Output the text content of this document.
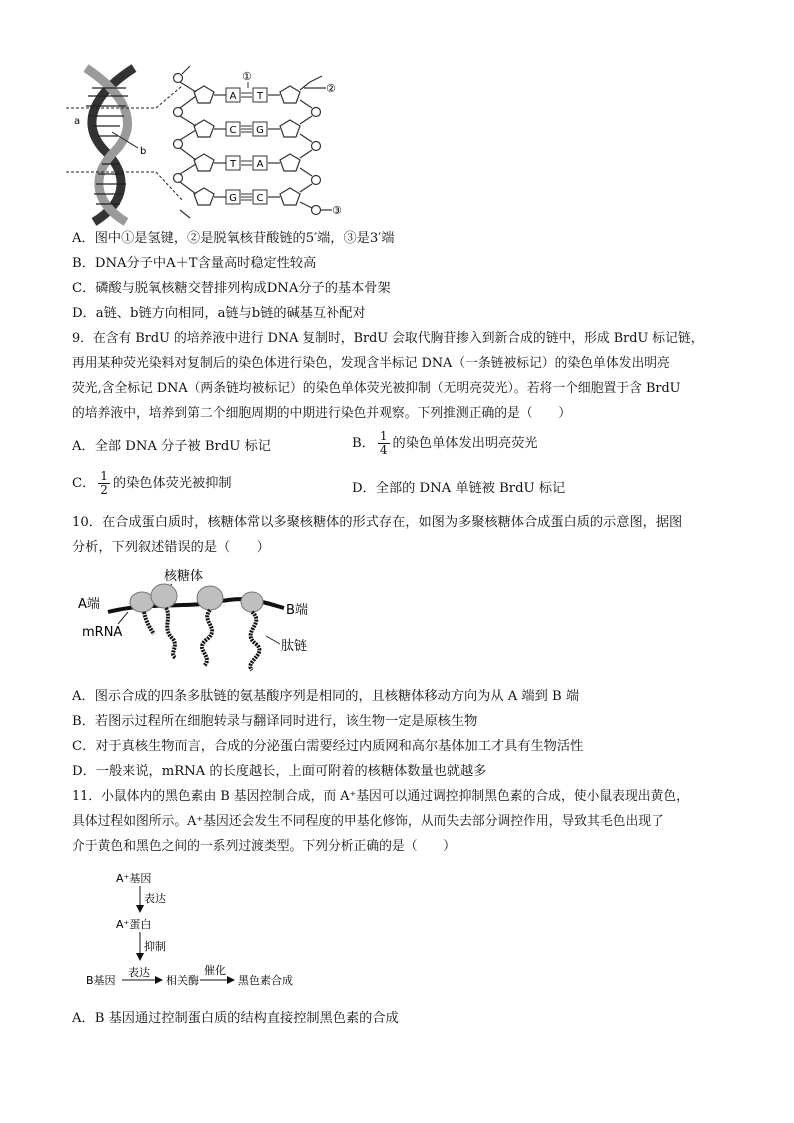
a
b
A T
C G
T A
G C
①
②
③
A．图中①是氢键，②是脱氧核苷酸链的5′端，③是3′端
B．DNA分子中A＋T含量高时稳定性较高
C．磷酸与脱氧核糖交替排列构成DNA分子的基本骨架
D．a链、b链方向相同，a链与b链的碱基互补配对
9．在含有 BrdU 的培养液中进行 DNA 复制时，BrdU 会取代胸苷掺入到新合成的链中，形成 BrdU 标记链，
再用某种荧光染料对复制后的染色体进行染色，发现含半标记 DNA（一条链被标记）的染色单体发出明亮
荧光,含全标记 DNA（两条链均被标记）的染色单体荧光被抑制（无明亮荧光）。若将一个细胞置于含 BrdU
的培养液中，培养到第二个细胞周期的中期进行染色并观察。下列推测正确的是（　　）
A．全部 DNA 分子被 BrdU 标记	B． $\frac{1}{4}$ 的染色单体发出明亮荧光
C． $\frac{1}{2}$ 的染色体荧光被抑制	D．全部的 DNA 单链被 BrdU 标记
10．在合成蛋白质时，核糖体常以多聚核糖体的形式存在，如图为多聚核糖体合成蛋白质的示意图，据图
分析，下列叙述错误的是（　　）
核糖体
A端
mRNA
B端
肽链
A．图示合成的四条多肽链的氨基酸序列是相同的，且核糖体移动方向为从 A 端到 B 端
B．若图示过程所在细胞转录与翻译同时进行，该生物一定是原核生物
C．对于真核生物而言，合成的分泌蛋白需要经过内质网和高尔基体加工才具有生物活性
D．一般来说，mRNA 的长度越长，上面可附着的核糖体数量也就越多
11．小鼠体内的黑色素由 B 基因控制合成，而 A⁺基因可以通过调控抑制黑色素的合成，使小鼠表现出黄色，
具体过程如图所示。A⁺基因还会发生不同程度的甲基化修饰，从而失去部分调控作用，导致其毛色出现了
介于黄色和黑色之间的一系列过渡类型。下列分析正确的是（　　）
A⁺基因
表达
A⁺蛋白
抑制
B基因
表达
相关酶
催化
黑色素合成
A．B 基因通过控制蛋白质的结构直接控制黑色素的合成
